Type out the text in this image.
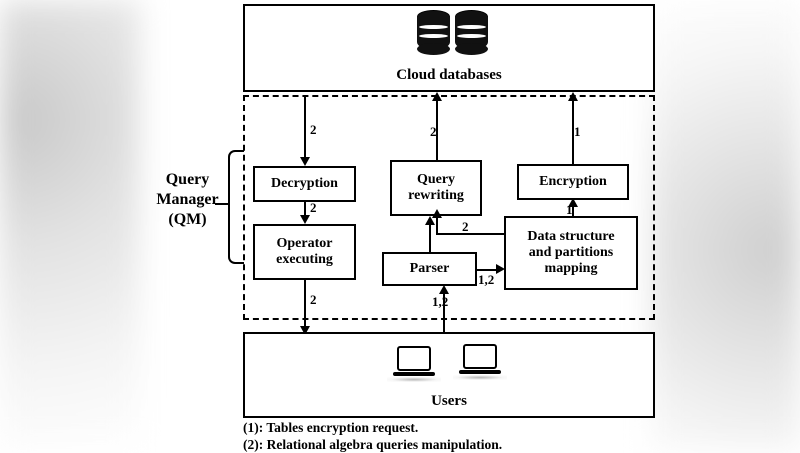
Cloud databases
Query
Manager
(QM)
Decryption
Operator
executing
Query
rewriting
Parser
Encryption
Data structure
and partitions
mapping
2
2
2
2	1
1
2
1,2
1,2
Users
(1): Tables encryption request.
(2): Relational algebra queries manipulation.
